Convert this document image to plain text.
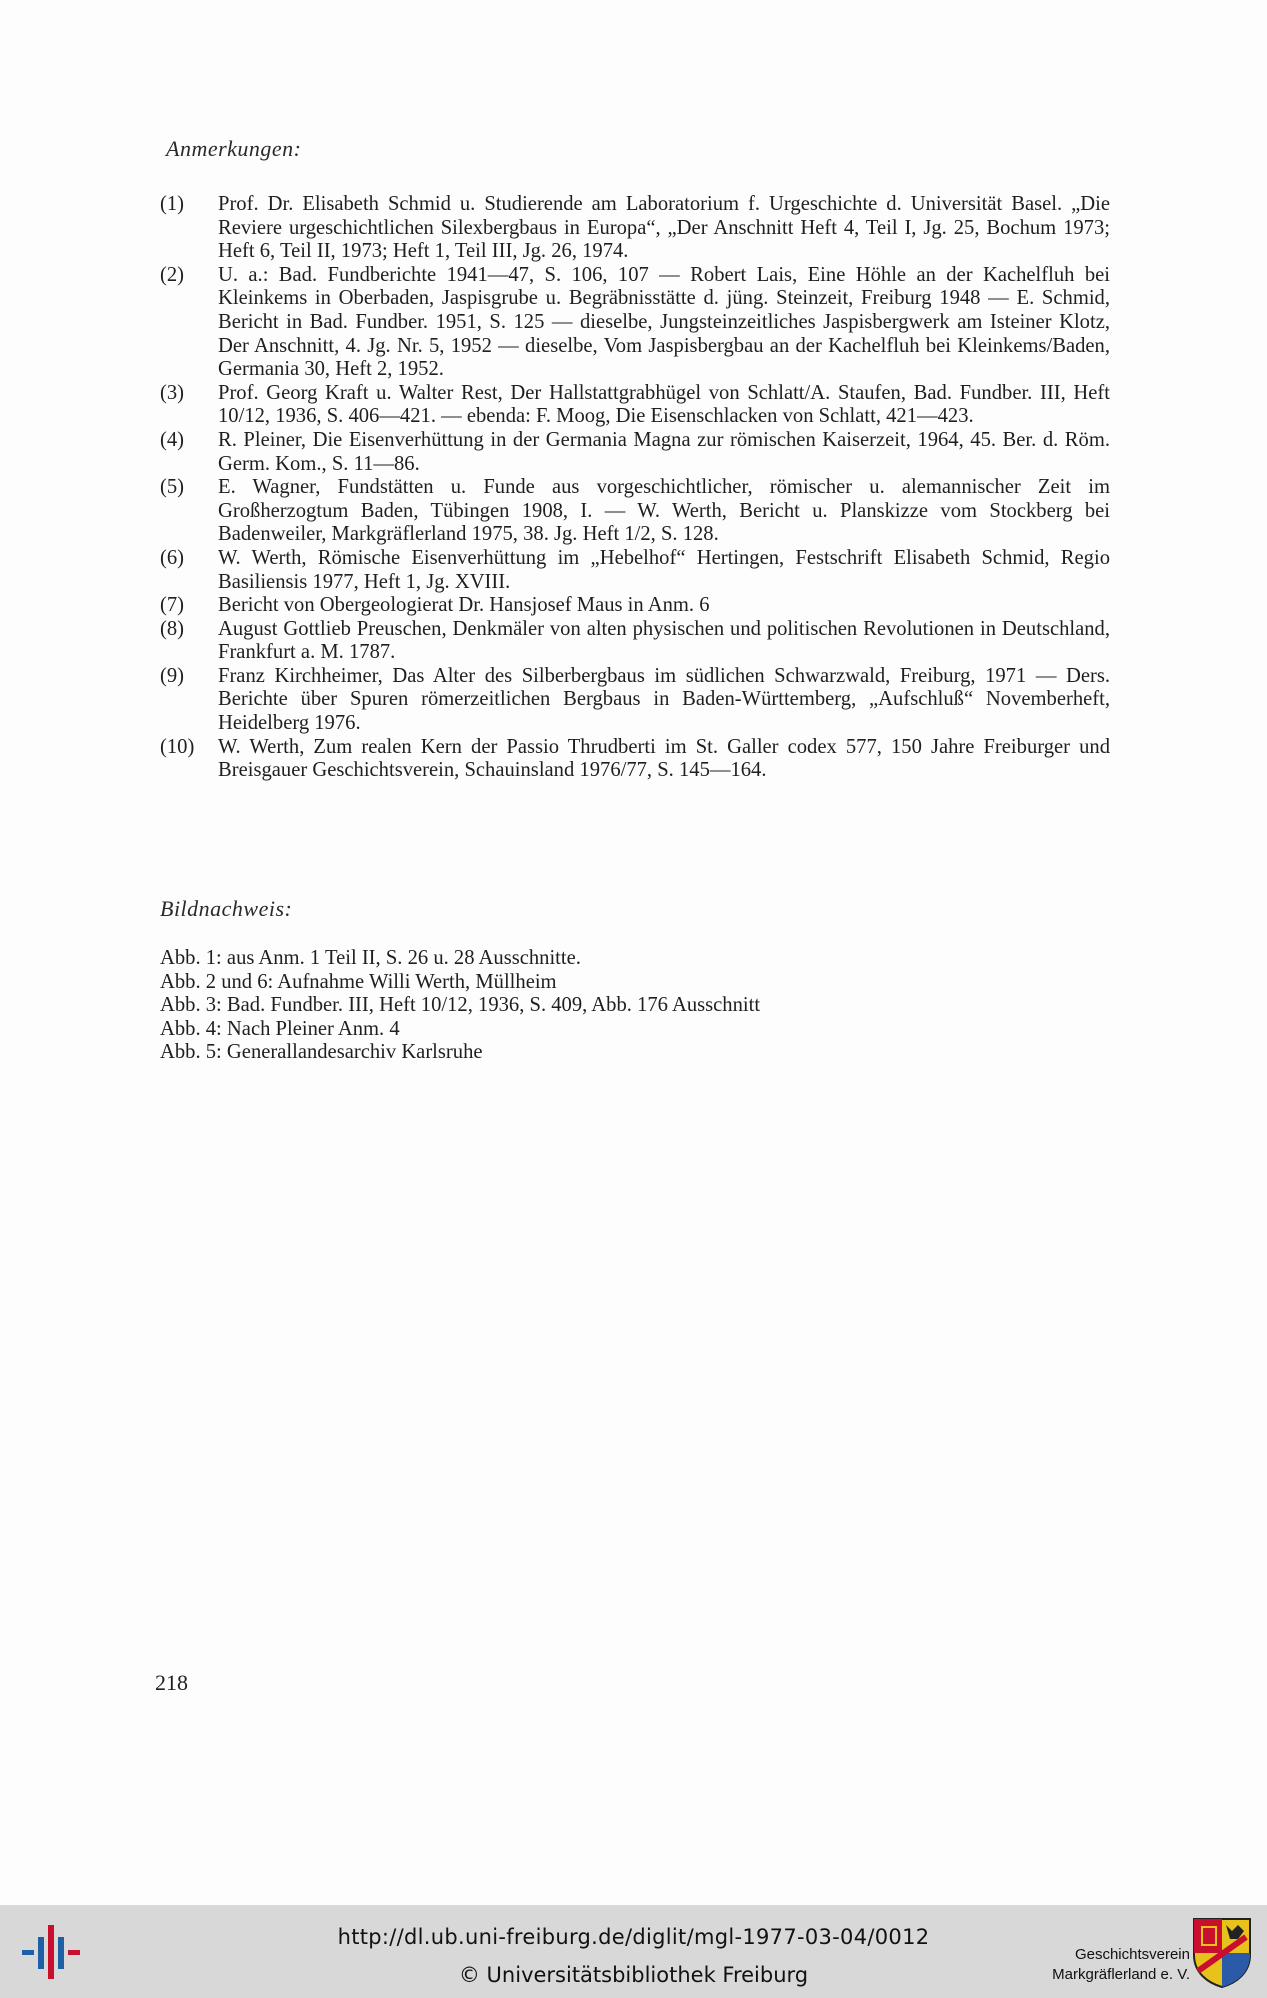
Anmerkungen:
( 1 )	Prof. Dr. Elisabeth Schmid u. Studierende am Laboratorium f. Urgeschichte d. Universität Basel. „Die Reviere urgeschichtlichen Silexbergbaus in Europa“, „Der Anschnitt Heft 4, Teil I, Jg. 25, Bochum 1973; Heft 6, Teil II, 1973; Heft 1, Teil III, Jg. 26, 1974.
( 2 )	U. a.: Bad. Fundberichte 1941—47, S. 106, 107 — Robert Lais, Eine Höhle an der Kachelfluh bei Kleinkems in Oberbaden, Jaspisgrube u. Begräbnisstätte d. jüng. Steinzeit, Freiburg 1948 — E. Schmid, Bericht in Bad. Fundber. 1951, S. 125 — dieselbe, Jungsteinzeitliches Jaspisbergwerk am Isteiner Klotz, Der Anschnitt, 4. Jg. Nr. 5, 1952 — dieselbe, Vom Jaspisbergbau an der Kachelfluh bei Kleinkems/Baden, Germania 30, Heft 2, 1952.
( 3 )	Prof. Georg Kraft u. Walter Rest, Der Hallstattgrabhügel von Schlatt/A. Staufen, Bad. Fundber. III, Heft 10/12, 1936, S. 406—421. — ebenda: F. Moog, Die Eisenschlacken von Schlatt, 421—423.
( 4 )	R. Pleiner, Die Eisenverhüttung in der Germania Magna zur römischen Kaiserzeit, 1964, 45. Ber. d. Röm. Germ. Kom., S. 11—86.
( 5 )	E. Wagner, Fundstätten u. Funde aus vorgeschichtlicher, römischer u. alemannischer Zeit im Großherzogtum Baden, Tübingen 1908, I. — W. Werth, Bericht u. Planskizze vom Stockberg bei Badenweiler, Markgräflerland 1975, 38. Jg. Heft 1/2, S. 128.
( 6 )	W. Werth, Römische Eisenverhüttung im „Hebelhof“ Hertingen, Festschrift Elisabeth Schmid, Regio Basiliensis 1977, Heft 1, Jg. XVIII.
( 7 )	Bericht von Obergeologierat Dr. Hansjosef Maus in Anm. 6
( 8 )	August Gottlieb Preuschen, Denkmäler von alten physischen und politischen Revolutionen in Deutschland, Frankfurt a. M. 1787.
( 9 )	Franz Kirchheimer, Das Alter des Silberbergbaus im südlichen Schwarzwald, Freiburg, 1971 — Ders. Berichte über Spuren römerzeitlichen Bergbaus in Baden-Württemberg, „Aufschluß“ Novemberheft, Heidelberg 1976.
( 10 )	W. Werth, Zum realen Kern der Passio Thrudberti im St. Galler codex 577, 150 Jahre Freiburger und Breisgauer Geschichtsverein, Schauinsland 1976/77, S. 145—164.
Bildnachweis:
Abb. 1: aus Anm. 1 Teil II, S. 26 u. 28 Ausschnitte.
Abb. 2 und 6: Aufnahme Willi Werth, Müllheim
Abb. 3: Bad. Fundber. III, Heft 10/12, 1936, S. 409, Abb. 176 Ausschnitt
Abb. 4: Nach Pleiner Anm. 4
Abb. 5: Generallandesarchiv Karlsruhe
218
http://dl.ub.uni-freiburg.de/diglit/mgl-1977-03-04/0012
© Universitätsbibliothek Freiburg
Geschichtsverein
Markgräflerland e. V.
